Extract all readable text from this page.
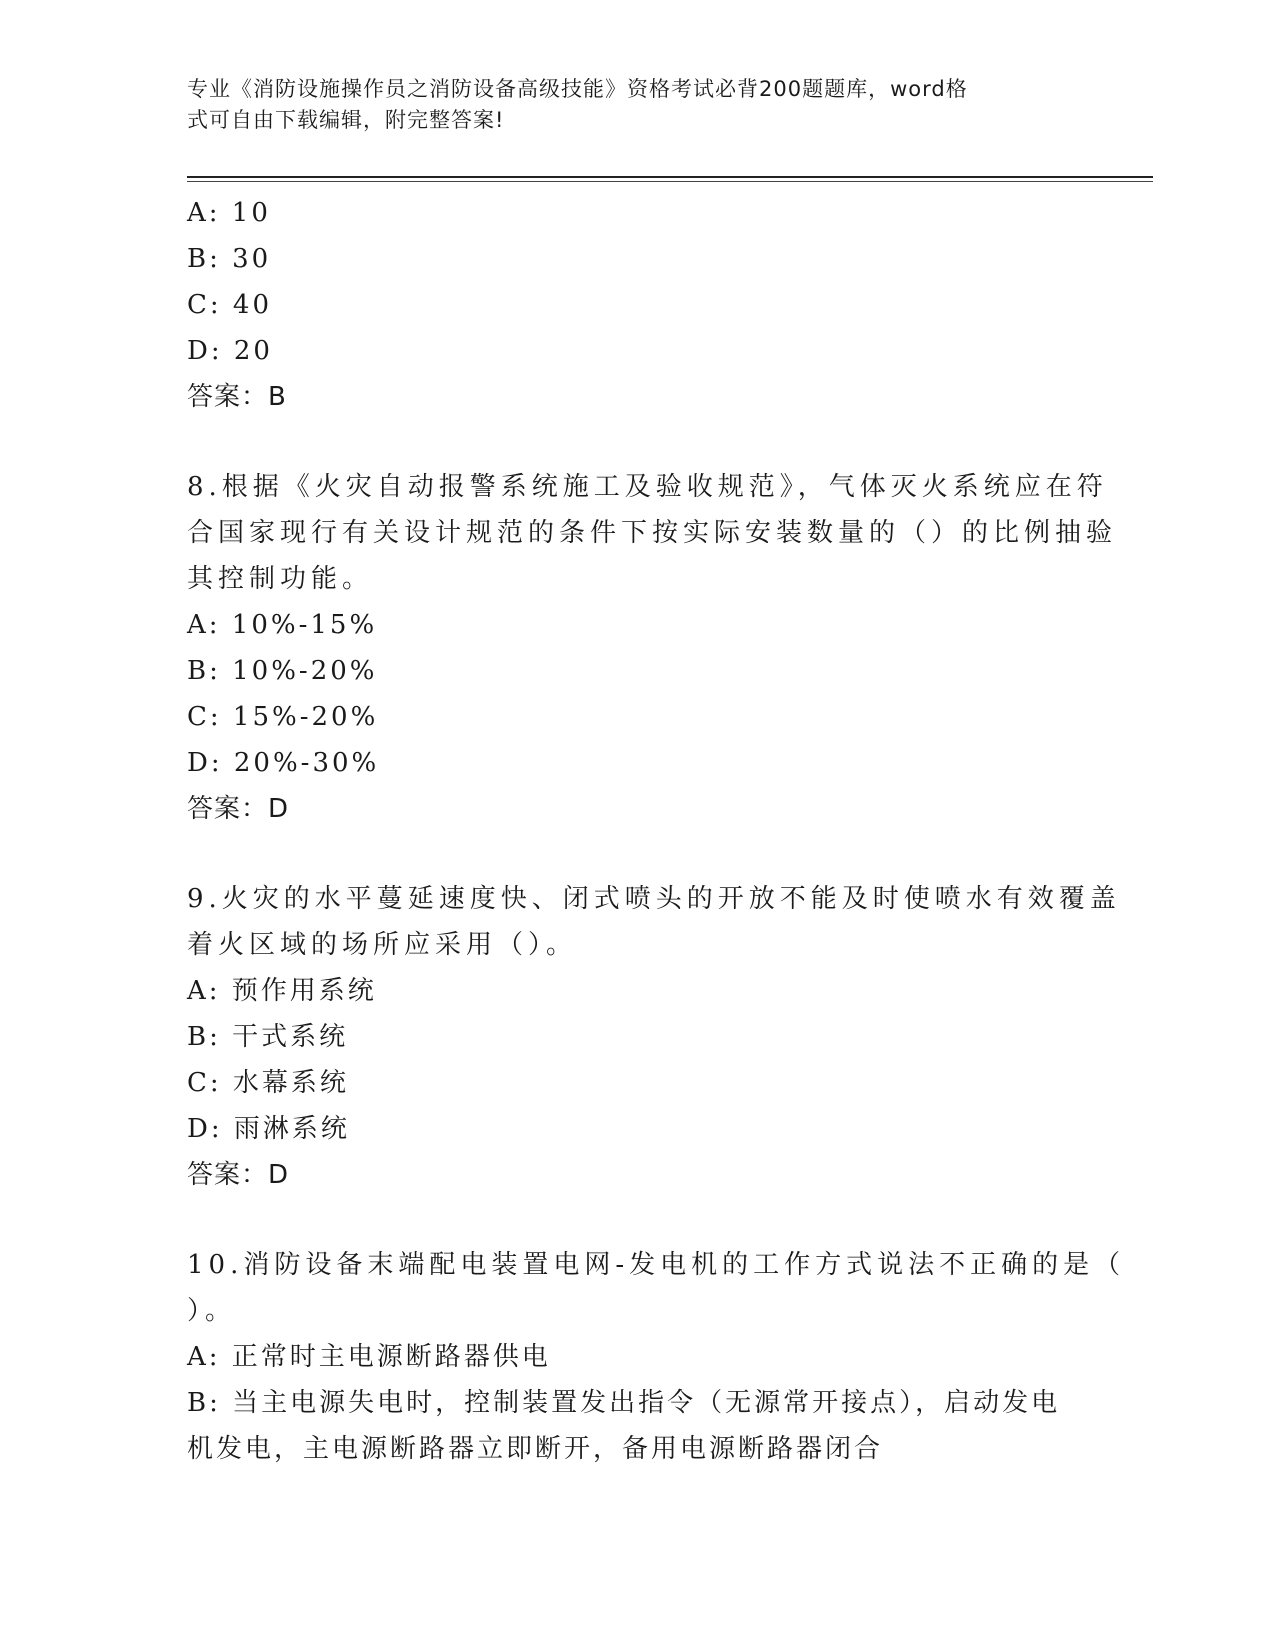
专业《消防设施操作员之消防设备高级技能》资格考试必背200题题库，word格
式可自由下载编辑，附完整答案!
A: 10
B: 30
C: 40
D: 20
答案：B
8.根据《火灾自动报警系统施工及验收规范》，气体灭火系统应在符
合国家现行有关设计规范的条件下按实际安装数量的（）的比例抽验
其控制功能。
A: 10%-15%
B: 10%-20%
C: 15%-20%
D: 20%-30%
答案：D
9.火灾的水平蔓延速度快、闭式喷头的开放不能及时使喷水有效覆盖
着火区域的场所应采用（）。
A: 预作用系统
B: 干式系统
C: 水幕系统
D: 雨淋系统
答案：D
10.消防设备末端配电装置电网-发电机的工作方式说法不正确的是（
）。
A: 正常时主电源断路器供电
B: 当主电源失电时，控制装置发出指令（无源常开接点），启动发电
机发电，主电源断路器立即断开，备用电源断路器闭合
